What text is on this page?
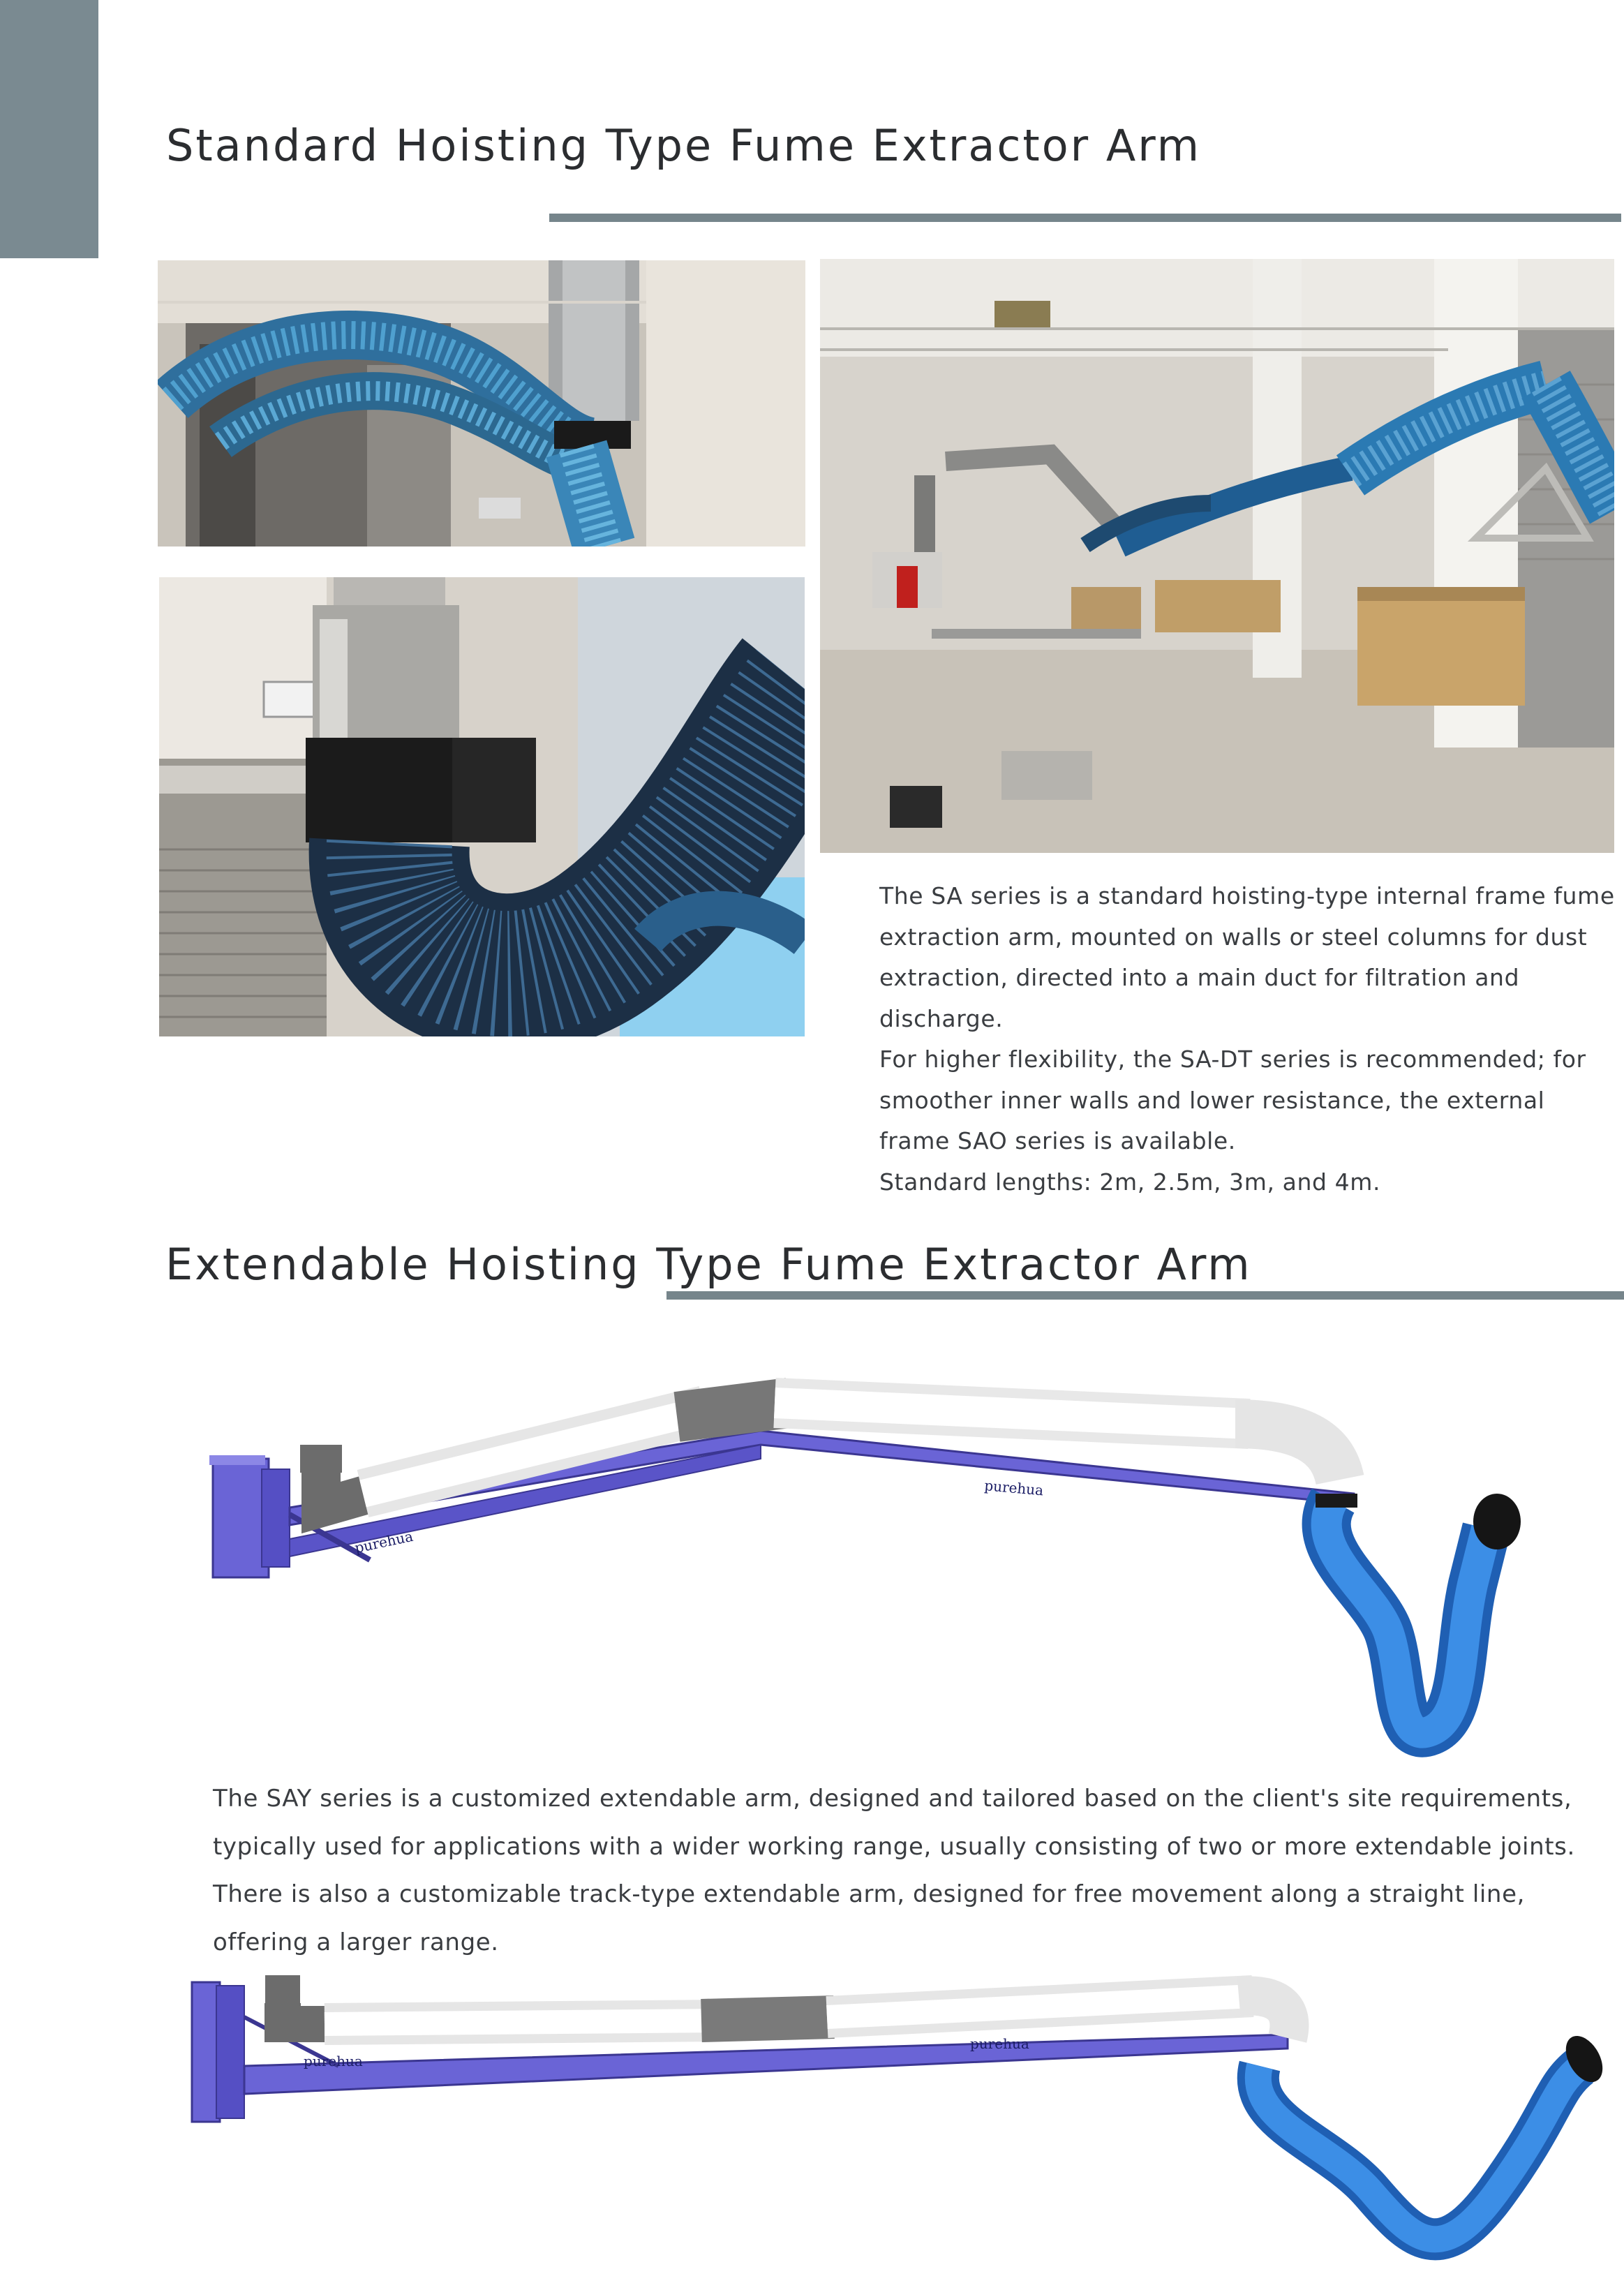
Standard Hoisting Type Fume Extractor Arm

The SA series is a standard hoisting-type internal frame fume extraction arm, mounted on walls or steel columns for dust extraction, directed into a main duct for filtration and discharge.

For higher flexibility, the SA-DT series is recommended; for smoother inner walls and lower resistance, the external frame SAO series is available.

Standard lengths: 2m, 2.5m, 3m, and 4m.

Extendable Hoisting Type Fume Extractor Arm
purehua
purehua

The SAY series is a customized extendable arm, designed and tailored based on the client's site requirements, typically used for applications with a wider working range, usually consisting of two or more extendable joints.

There is also a customizable track-type extendable arm, designed for free movement along a straight line, offering a larger range.

purehua
purehua
